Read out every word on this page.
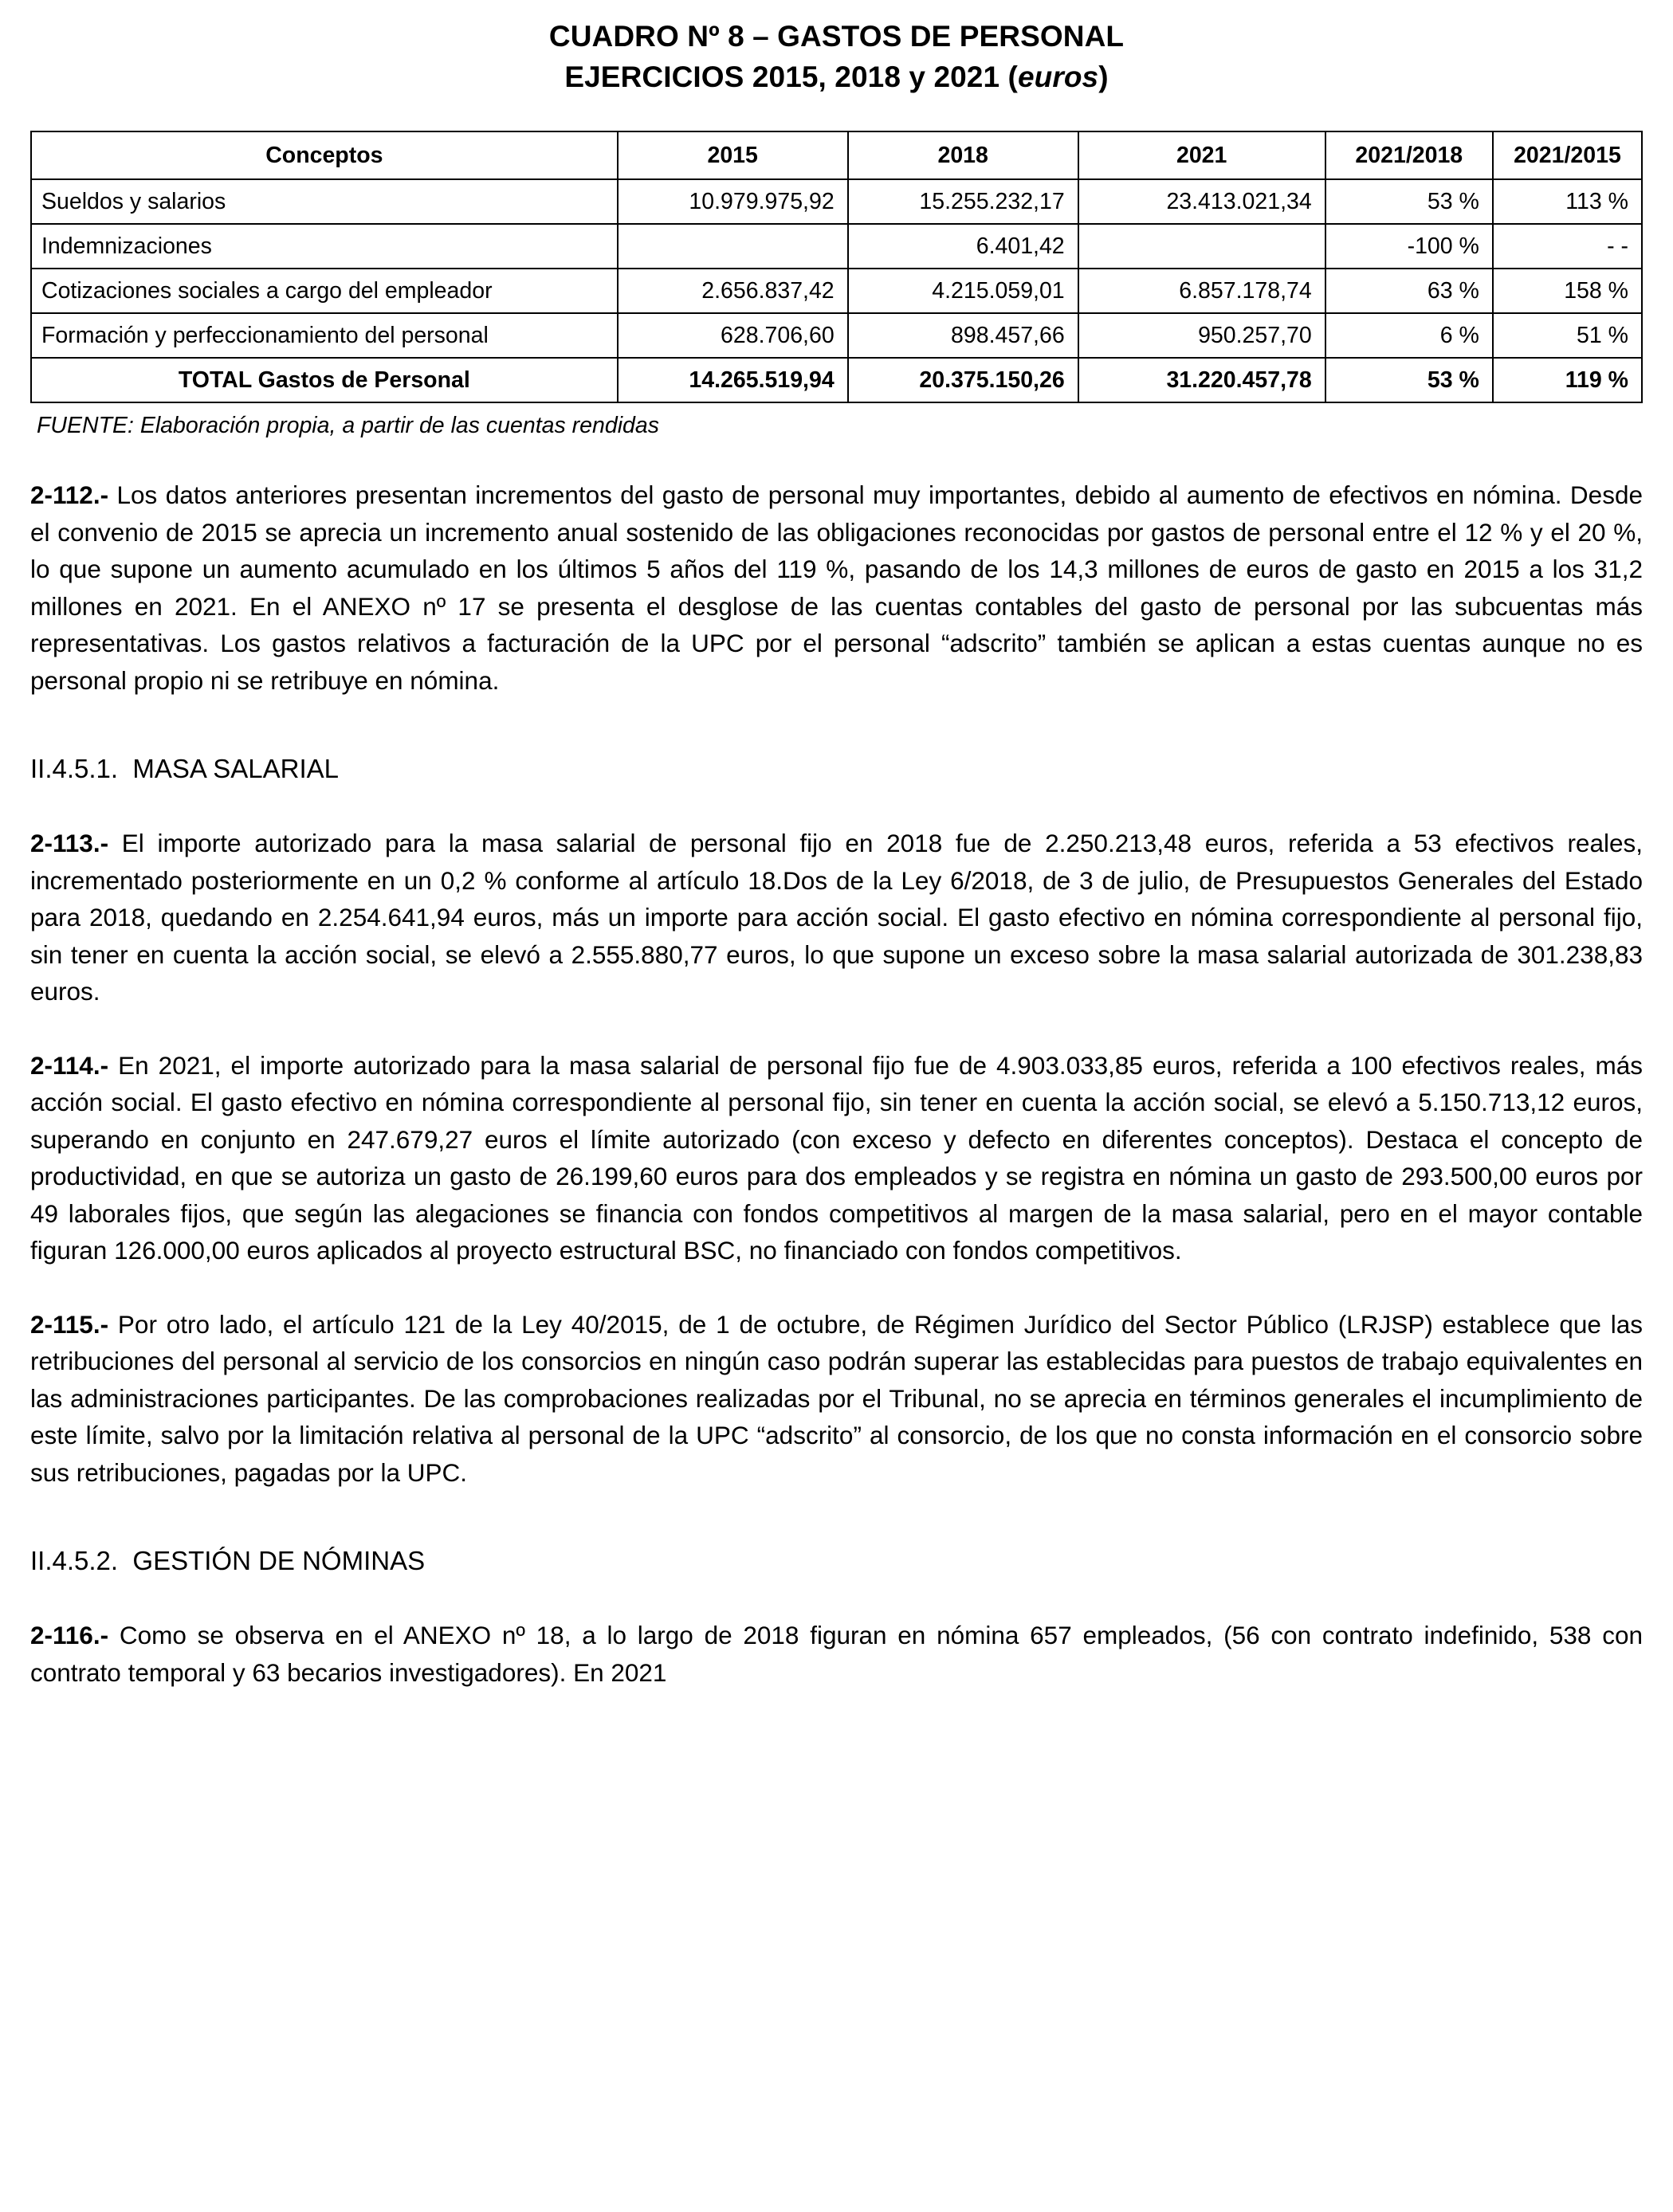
CUADRO Nº 8 – GASTOS DE PERSONAL
EJERCICIOS 2015, 2018 y 2021 (euros)
Conceptos	2015	2018	2021	2021/2018	2021/2015
Sueldos y salarios	10.979.975,92	15.255.232,17	23.413.021,34	53 %	113 %
Indemnizaciones		6.401,42		-100 %	- -
Cotizaciones sociales a cargo del empleador	2.656.837,42	4.215.059,01	6.857.178,74	63 %	158 %
Formación y perfeccionamiento del personal	628.706,60	898.457,66	950.257,70	6 %	51 %
TOTAL Gastos de Personal	14.265.519,94	20.375.150,26	31.220.457,78	53 %	119 %
FUENTE: Elaboración propia, a partir de las cuentas rendidas

2-112.- Los datos anteriores presentan incrementos del gasto de personal muy importantes, debido al aumento de efectivos en nómina. Desde el convenio de 2015 se aprecia un incremento anual sostenido de las obligaciones reconocidas por gastos de personal entre el 12 % y el 20 %, lo que supone un aumento acumulado en los últimos 5 años del 119 %, pasando de los 14,3 millones de euros de gasto en 2015 a los 31,2 millones en 2021. En el ANEXO nº 17 se presenta el desglose de las cuentas contables del gasto de personal por las subcuentas más representativas. Los gastos relativos a facturación de la UPC por el personal “adscrito” también se aplican a estas cuentas aunque no es personal propio ni se retribuye en nómina.

II.4.5.1.  MASA SALARIAL

2-113.- El importe autorizado para la masa salarial de personal fijo en 2018 fue de 2.250.213,48 euros, referida a 53 efectivos reales, incrementado posteriormente en un 0,2 % conforme al artículo 18.Dos de la Ley 6/2018, de 3 de julio, de Presupuestos Generales del Estado para 2018, quedando en 2.254.641,94 euros, más un importe para acción social. El gasto efectivo en nómina correspondiente al personal fijo, sin tener en cuenta la acción social, se elevó a 2.555.880,77 euros, lo que supone un exceso sobre la masa salarial autorizada de 301.238,83 euros.

2-114.- En 2021, el importe autorizado para la masa salarial de personal fijo fue de 4.903.033,85 euros, referida a 100 efectivos reales, más acción social. El gasto efectivo en nómina correspondiente al personal fijo, sin tener en cuenta la acción social, se elevó a 5.150.713,12 euros, superando en conjunto en 247.679,27 euros el límite autorizado (con exceso y defecto en diferentes conceptos). Destaca el concepto de productividad, en que se autoriza un gasto de 26.199,60 euros para dos empleados y se registra en nómina un gasto de 293.500,00 euros por 49 laborales fijos, que según las alegaciones se financia con fondos competitivos al margen de la masa salarial, pero en el mayor contable figuran 126.000,00 euros aplicados al proyecto estructural BSC, no financiado con fondos competitivos.

2-115.- Por otro lado, el artículo 121 de la Ley 40/2015, de 1 de octubre, de Régimen Jurídico del Sector Público (LRJSP) establece que las retribuciones del personal al servicio de los consorcios en ningún caso podrán superar las establecidas para puestos de trabajo equivalentes en las administraciones participantes. De las comprobaciones realizadas por el Tribunal, no se aprecia en términos generales el incumplimiento de este límite, salvo por la limitación relativa al personal de la UPC “adscrito” al consorcio, de los que no consta información en el consorcio sobre sus retribuciones, pagadas por la UPC.

II.4.5.2.  GESTIÓN DE NÓMINAS

2-116.- Como se observa en el ANEXO nº 18, a lo largo de 2018 figuran en nómina 657 empleados, (56 con contrato indefinido, 538 con contrato temporal y 63 becarios investigadores). En 2021
